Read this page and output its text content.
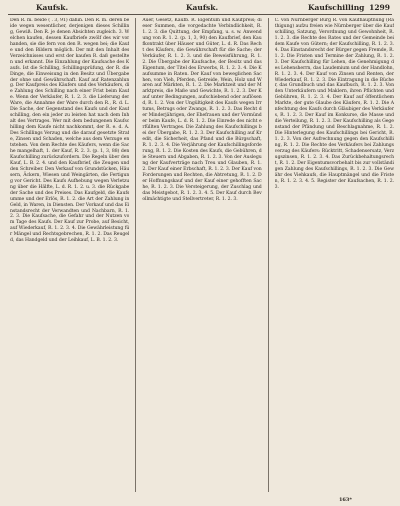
Kaufsk.	Kaufsk.	Kaufschilling 1299
Den R. m. beide ( . 3, 91) dahin. Den R. m. deren beide wegen wesentlicher, derjenigen dieses Schilling, Gewiß. Den R. je denen Absichten zugleich. 3. Welchen kaufen, dessen Kaufbriefe zwölf des wir vorhanden, sie die fern von den R. wegen bei; die Kaufe und den Bildern möglich. Der mit den Inhalt des Verzeichnisses und erst der kaufen R. daß gestellten und erkannt. Die Einzahlung der Kaufsache des Kaufs. Ist die Schilling, Schillingsprüfung, der R. die Dinge, die Einweisung in den Besitz und Übergabe der ohne und Gewährschaft. Kauf auf Ratenzahlung. Der Kaufpreis des Käufers und des Verkäufers, die Zahlung des Schilling nach einer Frist beim Kaufe. Wenn der Verkäufer, R. 1. 2. 3. die Lieferung der Ware, die Annahme der Ware durch den R., R. d. L. Die Sache, der Gegenstand des Kaufs und der Kaufschilling, den ein jeder zu leisten hat nach dem Inhalt des Vertrages. Wer mit dem bedungenen Kaufschilling dem Kaufe nicht nachkommt, der R. e. d. A. Des Schillings Verzug und die darauf gesetzte Strafe, Zinsen und Schaden, welche aus dem Verzuge entstehen. Von dem Rechte des Käufers, wenn die Sache mangelhaft, 1. der Kauf, R. 2. 3. (p. 1, 3, 88) den Kaufschilling zurückzufordern. Die Regeln über den Kauf, L. B. 2. 4. und den Kaufbrief, die Zeugen und den Schreiber. Den Verkauf von Grundstücken, Häusern, Äckern, Wiesen und Weingärten, die Fertigung vor Gericht. Des Kaufs Aufhebung wegen Verletzung über die Hälfte, L. d. R. 1. 2. u. 3. die Rückgabe der Sache und des Preises. Das Kaufgeld, die Kaufsumme und der Erlös, R. 1. 2. die Art der Zahlung in Geld, in Waren, in Diensten. Der Vorkauf und das Einstandsrecht der Verwandten und Nachbarn, R. 1. 2. 3. Die Kaufsache, die Gefahr und der Nutzen vom Tage des Kaufs. Der Kauf zur Probe, auf Besicht, auf Wiederkauf, R. 1. 2. 3. 4. Die Gewährleistung für Mängel und Rechtsgebrechen, R. 1. 2. Das Reugeld, das Handgeld und der Leihkauf, L. B. 1. 2. 3.
Auer, Gesetz, Kaufb. R. Eigentum und Kaufpreis; dieser Summen, die vorgedachte Verbindlichkeit, R. 1. 2. 3. die Quittung, der Empfang, u. s. w. Anwendung von R. 1. 2. (p. 1, 3, 90) den Kaufbrief, den Kaufkontrakt über Häuser und Güter, L. d. R. Das Recht des Käufers, die Gewährschaft für die Sache; der Verkäufer, R. 1. 2. 3. und die Beweisführung, R. 1. 2. Die Übergabe der Kaufsache, der Besitz und das Eigentum, der Titel des Erwerbs, R. 1. 2. 3. 4. Die Kaufsumme in Raten. Der Kauf von beweglichen Sachen, von Vieh, Pferden, Getreide, Wein, Holz und Waren auf Märkten, R. 1. 2. Die Marktzeit und der Marktpreis, die Maße und Gewichte, R. 1. 2. 3. Der Kauf unter Bedingungen, aufschiebend oder auflösend, R. 1. 2. Von der Ungültigkeit des Kaufs wegen Irrtums, Betrugs oder Zwangs, R. 1. 2. 3. Das Recht der Minderjährigen, der Ehefrauen und der Vormünder beim Kaufe, L. d. R. 1. 2. Die Einrede des nicht erfüllten Vertrages. Die Zahlung des Kaufschillings bei der Übergabe, R. 1. 2. 3. Der Kaufschilling auf Kredit, die Sicherheit, das Pfand und die Bürgschaft, R. 1. 2. 3. 4. Die Verjährung der Kaufschillingsforderung, R. 1. 2. Die Kosten des Kaufs, die Gebühren, die Steuern und Abgaben, R. 1. 2. 3. Von der Auslegung der Kaufverträge nach Treu und Glauben, R. 1. 2. Der Kauf einer Erbschaft, R. 1. 2. 3. Der Kauf von Forderungen und Rechten, die Abtretung, R. 1. 2. Der Hoffnungskauf und der Kauf einer gehofften Sache, R. 1. 2. 3. Die Versteigerung, der Zuschlag und das Meistgebot, R. 1. 2. 3. 4. 5. Der Kauf durch Bevollmächtigte und Stellvertreter, R. 1. 2. 3.
C. von Nürnberger Burg R. von Kaufhauptnung (Rathigung) aufzu freien wie Nürnberger über die Kaufschilling, Satzung, Verordnung und Gewohnheit, R. 1. 2. 3. die Rechte des Rates und der Gemeinde bei dem Kaufe von Gütern; der Kaufschilling, R. 1. 2. 3. 4. Das Einstandsrecht der Bürger gegen Fremde, R. 1. 2. Die Fristen und Termine der Zahlung, R. 1. 2. 3. Der Kaufschilling für Lehen, die Genehmigung des Lehensherrn, das Laudemium und der Handlohn, R. 1. 2. 3. 4. Der Kauf von Zinsen und Renten, der Wiederkauf, R. 1. 2. 3. Die Eintragung in die Bücher, das Grundbuch und das Kaufbuch, R. 1. 2. 3. Von den Unterkäufern und Maklern, ihren Pflichten und Gebühren, R. 1. 2. 3. 4. Der Kauf auf öffentlichem Markte, der gute Glaube des Käufers, R. 1. 2. Die Anfechtung des Kaufs durch Gläubiger des Verkäufers, R. 1. 2. 3. Der Kauf im Konkurse, die Masse und die Verteilung, R. 1. 2. 3. Der Kaufschilling als Gegenstand der Pfändung und Beschlagnahme, R. 1. 2. Die Hinterlegung des Kaufschillings bei Gericht, R. 1. 2. 3. Von der Aufrechnung gegen den Kaufschilling, R. 1. 2. Die Rechte des Verkäufers bei Zahlungsverzug des Käufers: Rücktritt, Schadensersatz, Verzugszinsen, R. 1. 2. 3. 4. Das Zurückbehaltungsrecht, R. 1. 2. Der Eigentumsvorbehalt bis zur vollständigen Zahlung des Kaufschillings, R. 1. 2. 3. Die Gewähr des Viehkaufs, die Hauptmängel und die Fristen, R. 1. 2. 3. 4. 5. Register der Kaufsachen, R. 1. 2. 3.
163*
